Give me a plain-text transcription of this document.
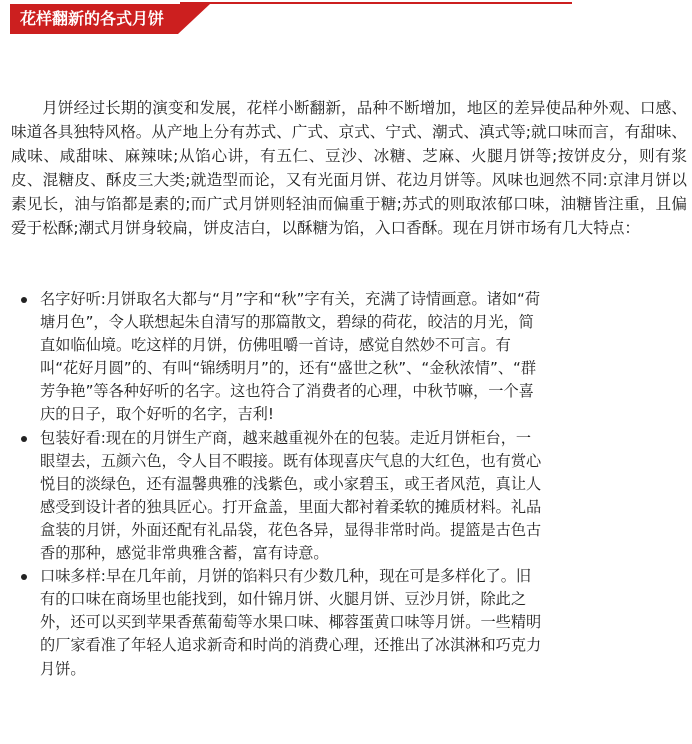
花样翻新的各式月饼

月饼经过长期的演变和发展，花样小断翻新，品种不断增加，地区的差异使品种外观、口感、味道各具独特风格。从产地上分有苏式、广式、京式、宁式、潮式、滇式等;就口味而言，有甜味、咸味、咸甜味、麻辣味;从馅心讲，有五仁、豆沙、冰糖、芝麻、火腿月饼等;按饼皮分，则有浆皮、混糖皮、酥皮三大类;就造型而论，又有光面月饼、花边月饼等。风味也迥然不同:京津月饼以素见长，油与馅都是素的;而广式月饼则轻油而偏重于糖;苏式的则取浓郁口味，油糖皆注重，且偏爱于松酥;潮式月饼身较扁，饼皮洁白，以酥糖为馅，入口香酥。现在月饼市场有几大特点：

名字好听:月饼取名大都与“月”字和“秋”字有关，充满了诗情画意。诸如“荷塘月色”，令人联想起朱自清写的那篇散文，碧绿的荷花，皎洁的月光，简直如临仙境。吃这样的月饼，仿佛咀嚼一首诗，感觉自然妙不可言。有叫“花好月圆”的、有叫“锦绣明月”的，还有“盛世之秋”、“金秋浓情”、“群芳争艳”等各种好听的名字。这也符合了消费者的心理，中秋节嘛，一个喜庆的日子，取个好听的名字，吉利!
包装好看:现在的月饼生产商，越来越重视外在的包装。走近月饼柜台，一眼望去，五颜六色，令人目不暇接。既有体现喜庆气息的大红色，也有赏心悦目的淡绿色，还有温馨典雅的浅紫色，或小家碧玉，或王者风范，真让人感受到设计者的独具匠心。打开盒盖，里面大都衬着柔软的摊质材料。礼品盒装的月饼，外面还配有礼品袋，花色各异，显得非常时尚。提篮是古色古香的那种，感觉非常典雅含蓄，富有诗意。
口味多样:早在几年前，月饼的馅料只有少数几种，现在可是多样化了。旧有的口味在商场里也能找到，如什锦月饼、火腿月饼、豆沙月饼，除此之外，还可以买到苹果香蕉葡萄等水果口味、椰蓉蛋黄口味等月饼。一些精明的厂家看准了年轻人追求新奇和时尚的消费心理，还推出了冰淇淋和巧克力月饼。
